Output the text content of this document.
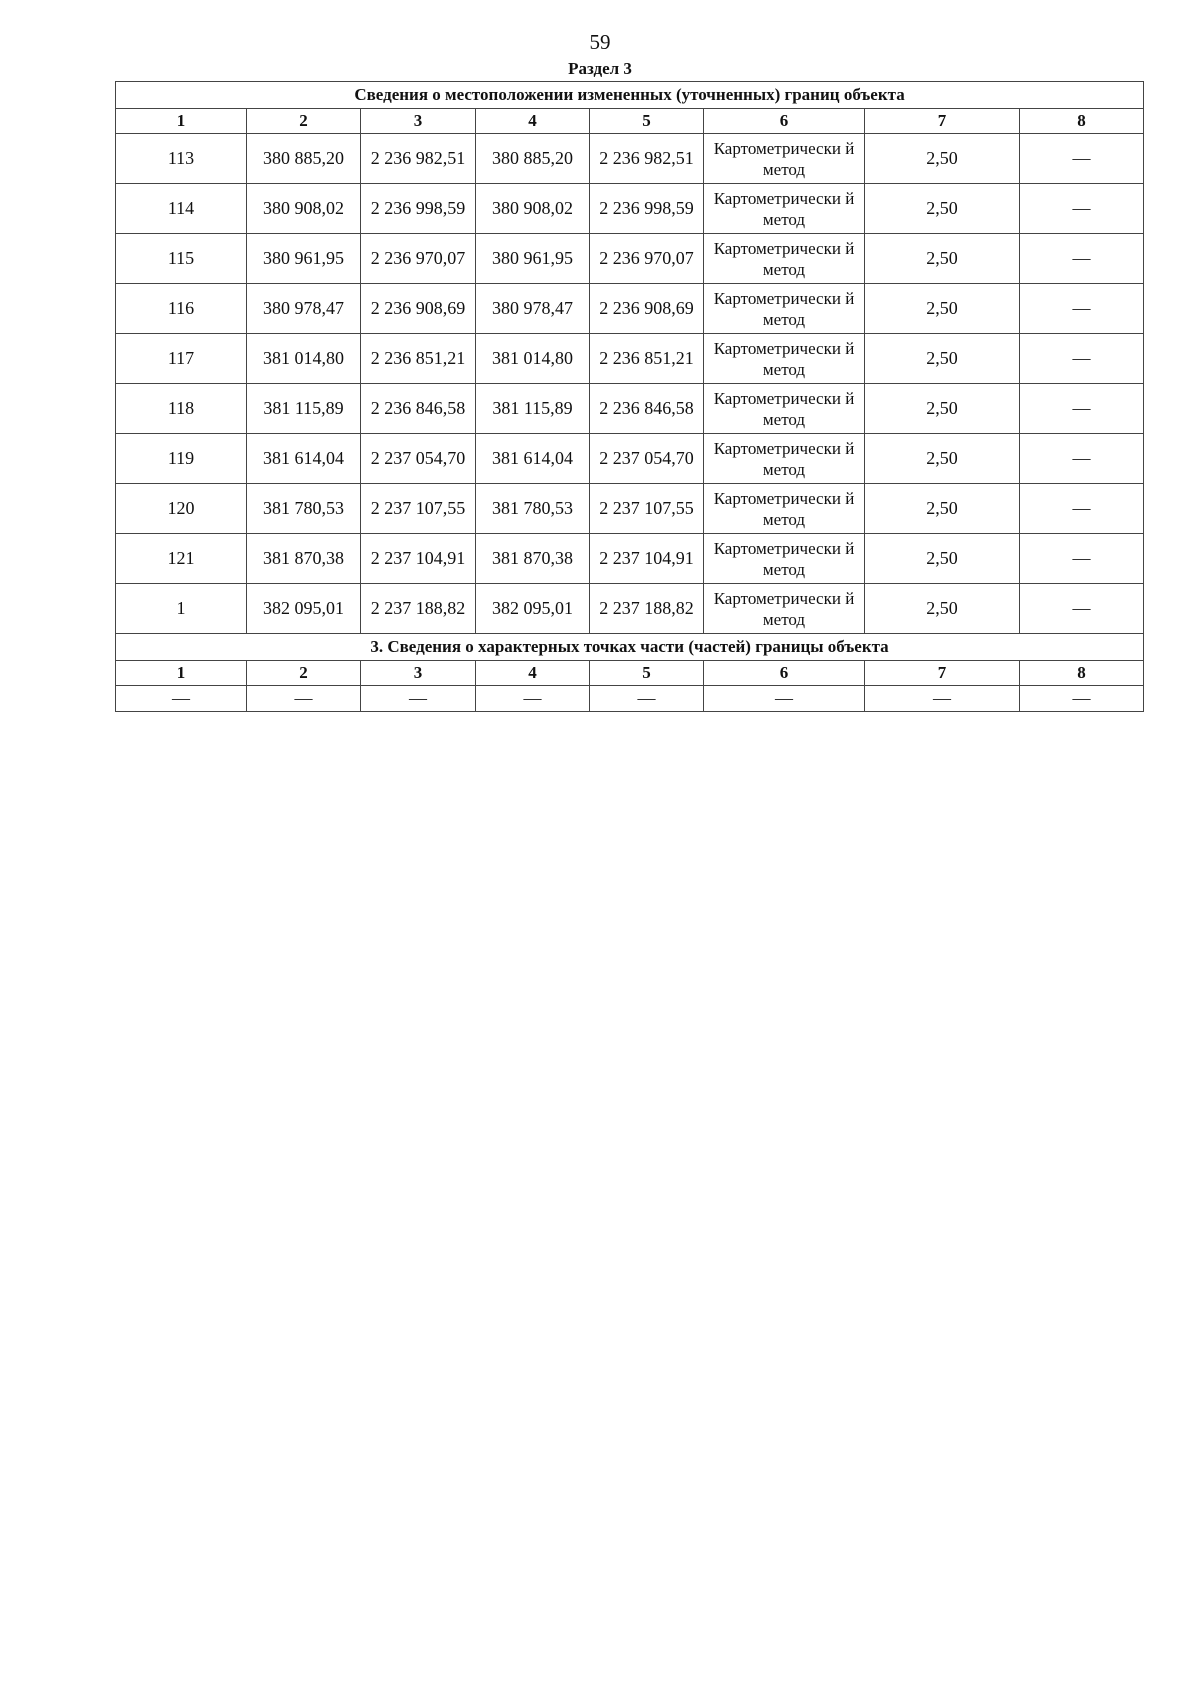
59
Раздел 3
Сведения о местоположении измененных (уточненных) границ объекта							
1	2	3	4	5	6	7	8
113	380 885,20	2 236 982,51	380 885,20	2 236 982,51	Картометрически й метод	2,50	—
114	380 908,02	2 236 998,59	380 908,02	2 236 998,59	Картометрически й метод	2,50	—
115	380 961,95	2 236 970,07	380 961,95	2 236 970,07	Картометрически й метод	2,50	—
116	380 978,47	2 236 908,69	380 978,47	2 236 908,69	Картометрически й метод	2,50	—
117	381 014,80	2 236 851,21	381 014,80	2 236 851,21	Картометрически й метод	2,50	—
118	381 115,89	2 236 846,58	381 115,89	2 236 846,58	Картометрически й метод	2,50	—
119	381 614,04	2 237 054,70	381 614,04	2 237 054,70	Картометрически й метод	2,50	—
120	381 780,53	2 237 107,55	381 780,53	2 237 107,55	Картометрически й метод	2,50	—
121	381 870,38	2 237 104,91	381 870,38	2 237 104,91	Картометрически й метод	2,50	—
1	382 095,01	2 237 188,82	382 095,01	2 237 188,82	Картометрически й метод	2,50	—
3. Сведения о характерных точках части (частей) границы объекта							
1	2	3	4	5	6	7	8
—	—	—	—	—	—	—	—
